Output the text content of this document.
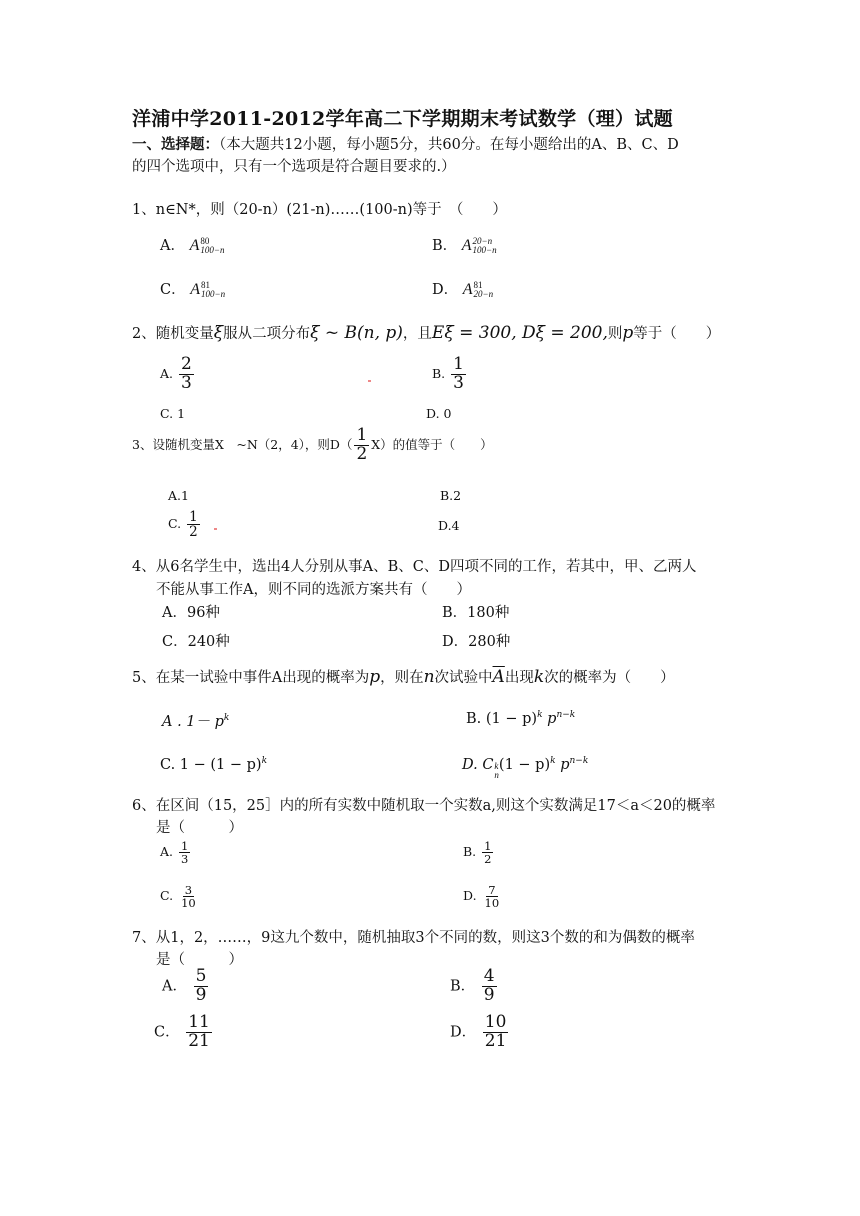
洋浦中学2011-2012学年高二下学期期末考试数学（理）试题
一、选择题：（本大题共12小题，每小题5分，共60分。在每小题给出的A、B、C、D
的四个选项中，只有一个选项是符合题目要求的.）
1、n∈N*，则（20-n）(21-n)……(100-n)等于　（　　）
A． A 80
100−n	B． A 20−n
100−n
C． A 81
100−n	D． A 81
20−n
2、随机变量ξ服从二项分布ξ ~ B(n, p)，且Eξ = 300, Dξ = 200,则p等于（　　）
A. $\frac{2}{3}$	B. $\frac{1}{3}$
C. 1	D. 0
3、设随机变量X　~N（2，4），则$D( \frac{1}{2} X)$的值等于（　　）
A.1	B.2
C. $\frac{1}{2}$	D.4
4、从6名学生中，选出4人分别从事A、B、C、D四项不同的工作，若其中，甲、乙两人
不能从事工作A，则不同的选派方案共有（　　）
A．96种	B．180种
C．240种	D．280种
5、在某一试验中事件A出现的概率为p，则在n次试验中$\overline{A}$出现k次的概率为（　　）
A . $1- p^k$	B. $(1 - p)^k$ $p^{n-k}$
C. $1 - (1 - p)^k$	D. C k
n
$(1 - p)^k$ $p^{n-k}$
6、在区间（15，25］内的所有实数中随机取一个实数a,则这个实数满足17＜a＜20的概率
是（　　　）
A. $\frac{1}{3}$	B. $\frac{1}{2}$
C. $\frac{3}{10}$	D. $\frac{7}{10}$
7、从1，2，……，9这九个数中，随机抽取3个不同的数，则这3个数的和为偶数的概率
是（　　　）
A． $\frac{5}{9}$	B． $\frac{4}{9}$
C． $\frac{11}{21}$	D． $\frac{10}{21}$
